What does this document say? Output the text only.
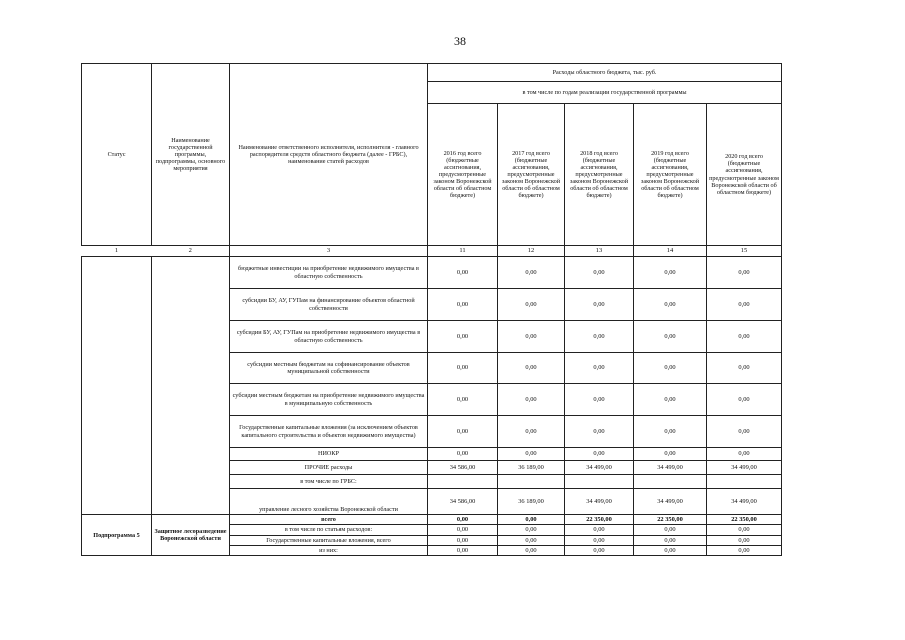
38
Статус	Наименование государственной программы, подпрограммы, основного мероприятия	Наименование ответственного исполнителя, исполнителя - главного распорядителя средств областного бюджета (далее - ГРБС), наименование статей расходов	Расходы областного бюджета, тыс. руб.				
			в том числе по годам реализации государственной программы				
			2016 год всего (бюджетные ассигнования, предусмотренные законом Воронежской области об областном бюджете)	2017 год всего (бюджетные ассигнования, предусмотренные законом Воронежской области об областном бюджете)	2018 год всего (бюджетные ассигнования, предусмотренные законом Воронежской области об областном бюджете)	2019 год всего (бюджетные ассигнования, предусмотренные законом Воронежской области об областном бюджете)	2020 год всего (бюджетные ассигнования, предусмотренные законом Воронежской области об областном бюджете)
1	2	3	11	12	13	14	15
		бюджетные инвестиции на приобретение недвижимого имущества в областную собственность	0,00	0,00	0,00	0,00	0,00
		субсидии БУ, АУ, ГУПам на финансирование объектов областной собственности	0,00	0,00	0,00	0,00	0,00
		субсидии БУ, АУ, ГУПам на приобретение недвижимого имущества в областную собственность	0,00	0,00	0,00	0,00	0,00
		субсидии местным бюджетам на софинансирование объектов муниципальной собственности	0,00	0,00	0,00	0,00	0,00
		субсидии местным бюджетам на приобретение недвижимого имущества в муниципальную собственность	0,00	0,00	0,00	0,00	0,00
		Государственные капитальные вложения (за исключением объектов капитального строительства и объектов недвижимого имущества)	0,00	0,00	0,00	0,00	0,00
		НИОКР	0,00	0,00	0,00	0,00	0,00
		ПРОЧИЕ расходы	34 586,00	36 189,00	34 499,00	34 499,00	34 499,00
		в том числе по ГРБС:					
		управление лесного хозяйства Воронежской области	34 586,00	36 189,00	34 499,00	34 499,00	34 499,00
Подпрограмма 5	Защитное лесоразведение Воронежской области	всего	0,00	0,00	22 350,00	22 350,00	22 350,00
		в том числе по статьям расходов:	0,00	0,00	0,00	0,00	0,00
		Государственные капитальные вложения, всего	0,00	0,00	0,00	0,00	0,00
		из них:	0,00	0,00	0,00	0,00	0,00
